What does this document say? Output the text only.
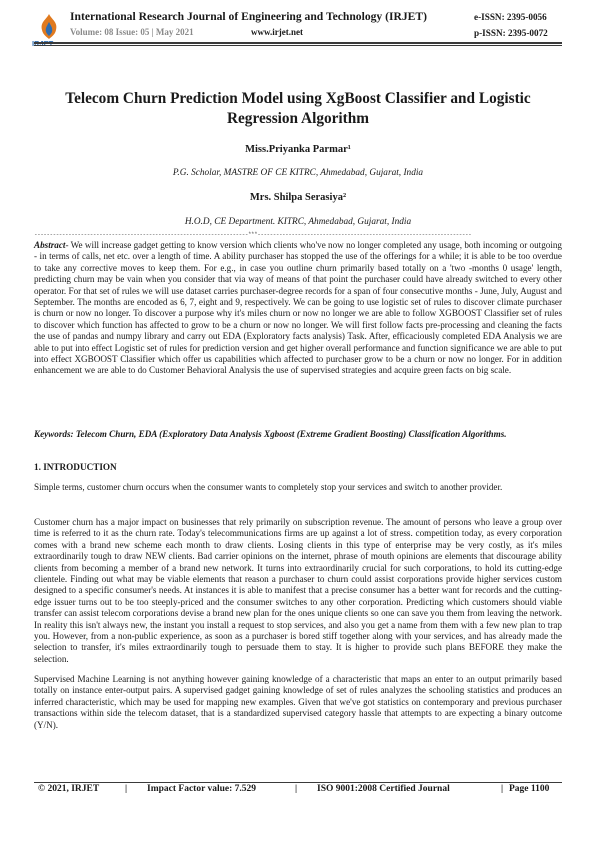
IRJET
International Research Journal of Engineering and Technology (IRJET)
Volume: 08 Issue: 05 | May 2021	www.irjet.net
e-ISSN: 2395-0056
p-ISSN: 2395-0072
Telecom Churn Prediction Model using XgBoost Classifier and Logistic Regression Algorithm
Miss.Priyanka Parmar¹
P.G. Scholar, MASTRE OF CE KITRC, Ahmedabad, Gujarat, India
Mrs. Shilpa Serasiya²
H.O.D, CE Department. KITRC, Ahmedabad, Gujarat, India
---------------------------------------------------------------------***---------------------------------------------------------------------
Abstract- We will increase gadget getting to know version which clients who've now no longer completed any usage, both incoming or outgoing - in terms of calls, net etc. over a length of time. A ability purchaser has stopped the use of the offerings for a while; it is able to be too overdue to take any corrective moves to keep them. For e.g., in case you outline churn primarily based totally on a 'two -months 0 usage' length, predicting churn may be vain when you consider that via way of means of that point the purchaser could have already switched to every other operator. For that set of rules we will use dataset carries purchaser-degree records for a span of four consecutive months - June, July, August and September. The months are encoded as 6, 7, eight and 9, respectively. We can be going to use logistic set of rules to discover climate purchaser is churn or now no longer. To discover a purpose why it's miles churn or now no longer we are able to follow XGBOOST Classifier set of rules to discover which function has affected to grow to be a churn or now no longer. We will first follow facts pre-processing and cleaning the facts the use of pandas and numpy library and carry out EDA (Exploratory facts analysis) Task. After, efficaciously completed EDA Analysis we are able to put into effect Logistic set of rules for prediction version and get higher overall performance and function significance we are able to put into effect XGBOOST Classifier which offer us capabilities which affected to purchaser grow to be a churn or now no longer. For in addition enhancement we are able to do Customer Behavioral Analysis the use of supervised strategies and acquire green facts on big scale.
Keywords: Telecom Churn, EDA (Exploratory Data Analysis Xgboost (Extreme Gradient Boosting) Classification Algorithms.
1. INTRODUCTION
Simple terms, customer churn occurs when the consumer wants to completely stop your services and switch to another provider.
Customer churn has a major impact on businesses that rely primarily on subscription revenue. The amount of persons who leave a group over time is referred to it as the churn rate. Today's telecommunications firms are up against a lot of stress. competition today, as every corporation comes with a brand new scheme each month to draw clients. Losing clients in this type of enterprise may be very costly, as it's miles extraordinarily tough to draw NEW clients. Bad carrier opinions on the internet, phrase of mouth opinions are elements that discourage ability clients from becoming a member of a brand new network. It turns into extraordinarily crucial for such corporations, to hold its cutting-edge clientele. Finding out what may be viable elements that reason a purchaser to churn could assist corporations provide higher services custom designed to a specific consumer's needs. At instances it is able to manifest that a precise consumer has a better want for records and the cutting-edge issuer turns out to be too steeply-priced and the consumer switches to any other corporation. Predicting which customers should viable transfer can assist telecom corporations devise a brand new plan for the ones unique clients so one can save you them from leaving the network. In reality this isn't always new, the instant you install a request to stop services, and also you get a name from them with a few new plan to trap you. However, from a non-public experience, as soon as a purchaser is bored stiff together along with your services, and has already made the selection to transfer, it's miles extraordinarily tough to persuade them to stay. It is higher to provide such plans BEFORE they make the selection.
Supervised Machine Learning is not anything however gaining knowledge of a characteristic that maps an enter to an output primarily based totally on instance enter-output pairs. A supervised gadget gaining knowledge of set of rules analyzes the schooling statistics and produces an inferred characteristic, which may be used for mapping new examples. Given that we've got statistics on contemporary and previous purchaser transactions within side the telecom dataset, that is a standardized supervised category hassle that attempts to are expecting a binary outcome (Y/N).
© 2021, IRJET	| Impact Factor value: 7.529	| ISO 9001:2008 Certified Journal	| Page 1100
